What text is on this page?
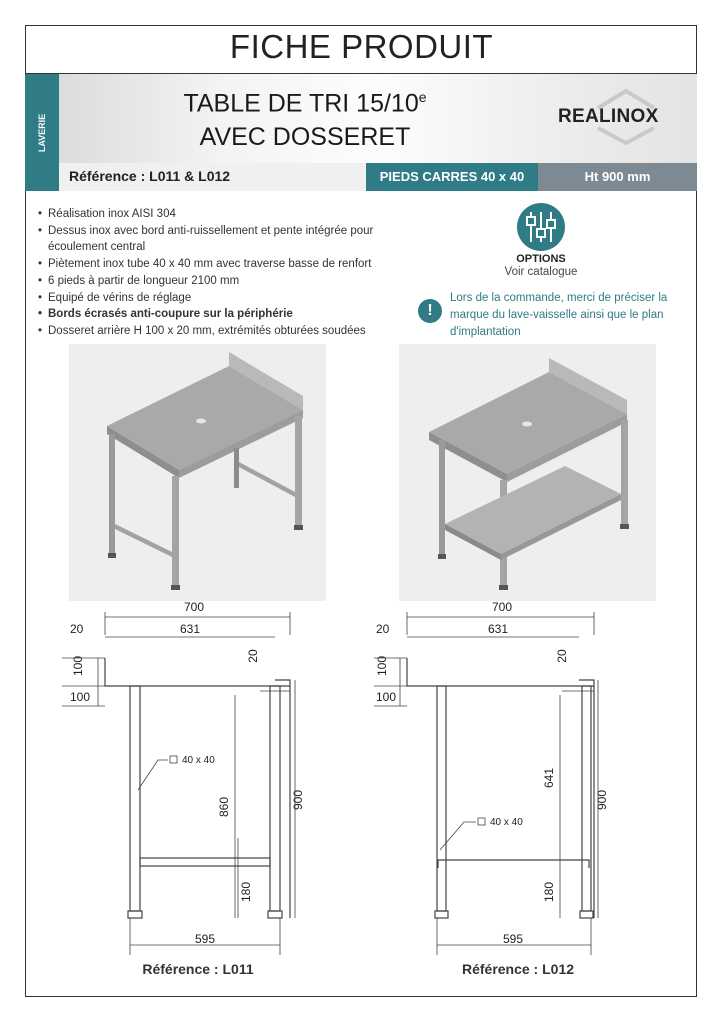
FICHE PRODUIT
LAVERIE
TABLE DE TRI 15/10e
AVEC DOSSERET
REALINOX
Référence : L011 & L012	PIEDS CARRES 40 x 40	Ht 900 mm
• Réalisation inox AISI 304
• Dessus inox avec bord anti-ruissellement et pente intégrée pour écoulement central
• Piètement inox tube 40 x 40 mm avec traverse basse de renfort
• 6 pieds à partir de longueur 2100 mm
• Equipé de vérins de réglage
• Bords écrasés anti-coupure sur la périphérie
• Dosseret arrière H 100 x 20 mm, extrémités obturées soudées
OPTIONS
Voir catalogue
!
Lors de la commande, merci de préciser la marque du lave-vaisselle ainsi que le plan d'implantation
700
631
20
100
100	20
860	900
180
595
40 x 40
700
631
20
100
100	20
641
900
180
595
40 x 40
Référence : L011	Référence : L012
